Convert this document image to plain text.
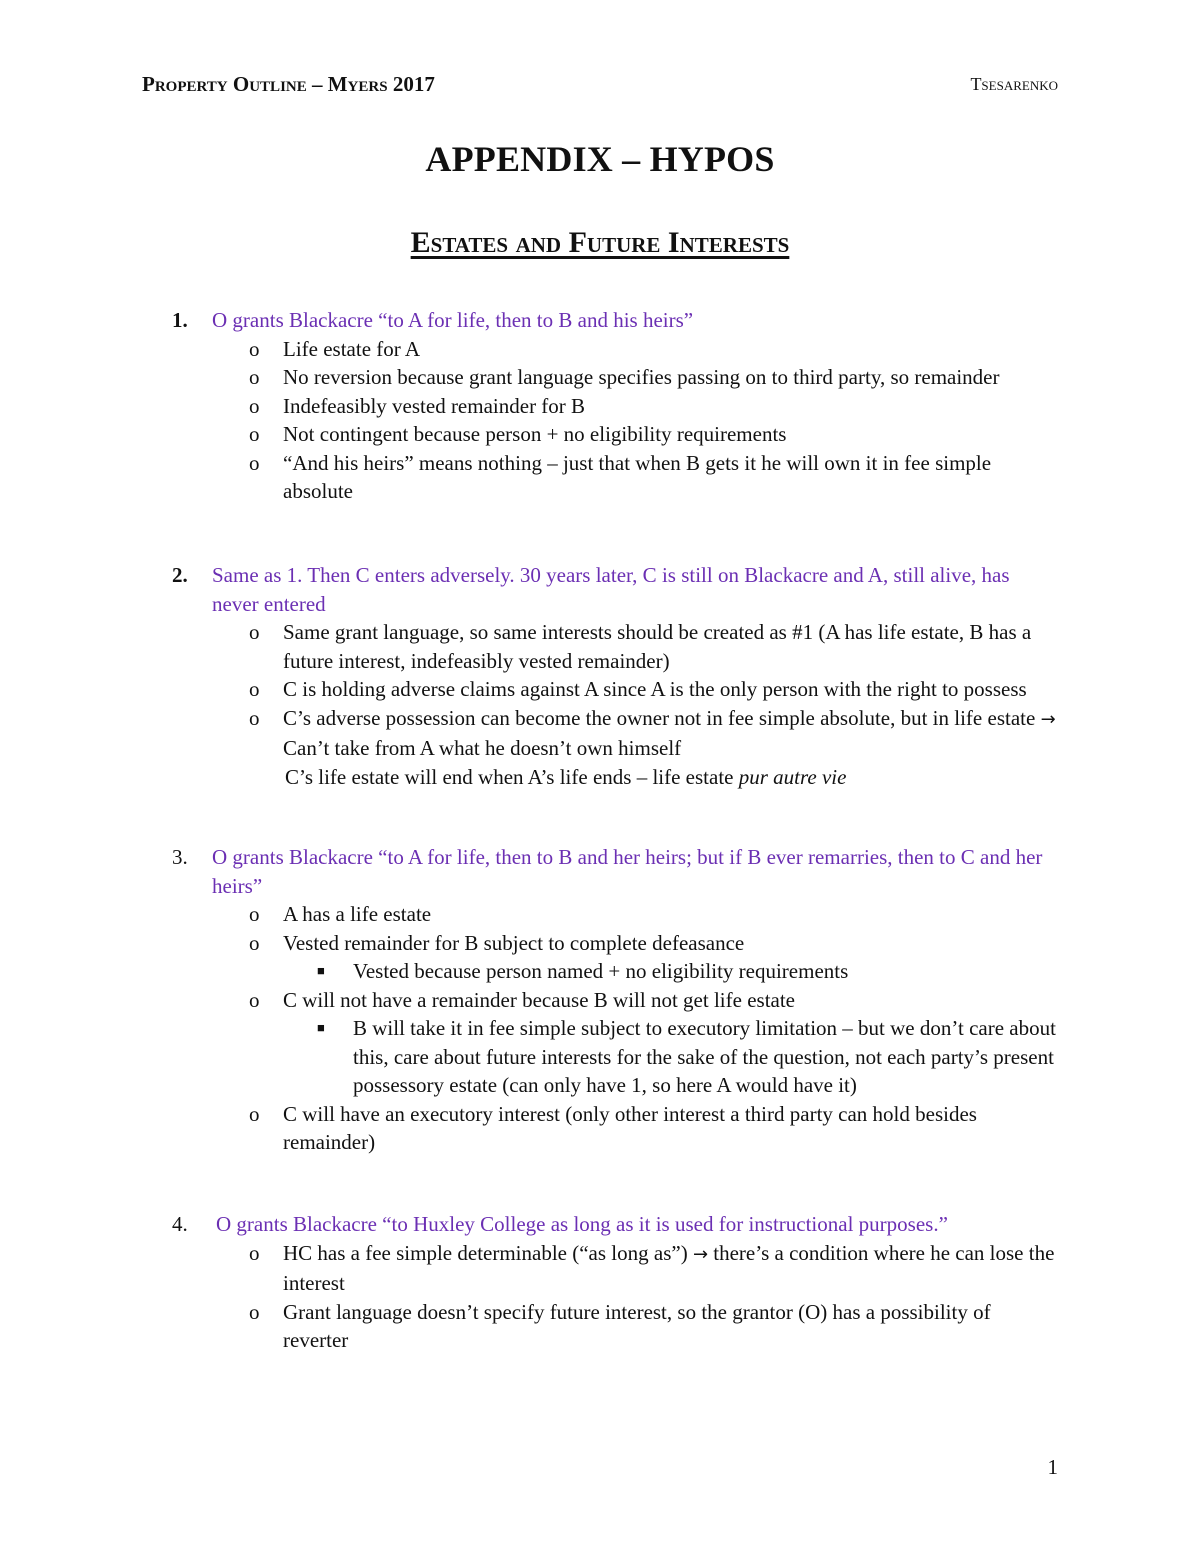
Property Outline – Myers 2017	Tsesarenko
APPENDIX – HYPOS
Estates and Future Interests
1. O grants Blackacre “to A for life, then to B and his heirs”
o Life estate for A
o No reversion because grant language specifies passing on to third party, so remainder
o Indefeasibly vested remainder for B
o Not contingent because person + no eligibility requirements
o “And his heirs” means nothing – just that when B gets it he will own it in fee simple absolute
2. Same as 1. Then C enters adversely. 30 years later, C is still on Blackacre and A, still alive, has never entered
o Same grant language, so same interests should be created as #1 (A has life estate, B has a future interest, indefeasibly vested remainder)
o C is holding adverse claims against A since A is the only person with the right to possess
o C’s adverse possession can become the owner not in fee simple absolute, but in life estate → Can’t take from A what he doesn’t own himself
C’s life estate will end when A’s life ends – life estate pur autre vie
3. O grants Blackacre “to A for life, then to B and her heirs; but if B ever remarries, then to C and her heirs”
o A has a life estate
o Vested remainder for B subject to complete defeasance
■ Vested because person named + no eligibility requirements
o C will not have a remainder because B will not get life estate
■ B will take it in fee simple subject to executory limitation – but we don’t care about this, care about future interests for the sake of the question, not each party’s present possessory estate (can only have 1, so here A would have it)
o C will have an executory interest (only other interest a third party can hold besides remainder)
4. O grants Blackacre “to Huxley College as long as it is used for instructional purposes.”
o HC has a fee simple determinable (“as long as”) → there’s a condition where he can lose the interest
o Grant language doesn’t specify future interest, so the grantor (O) has a possibility of reverter
1
